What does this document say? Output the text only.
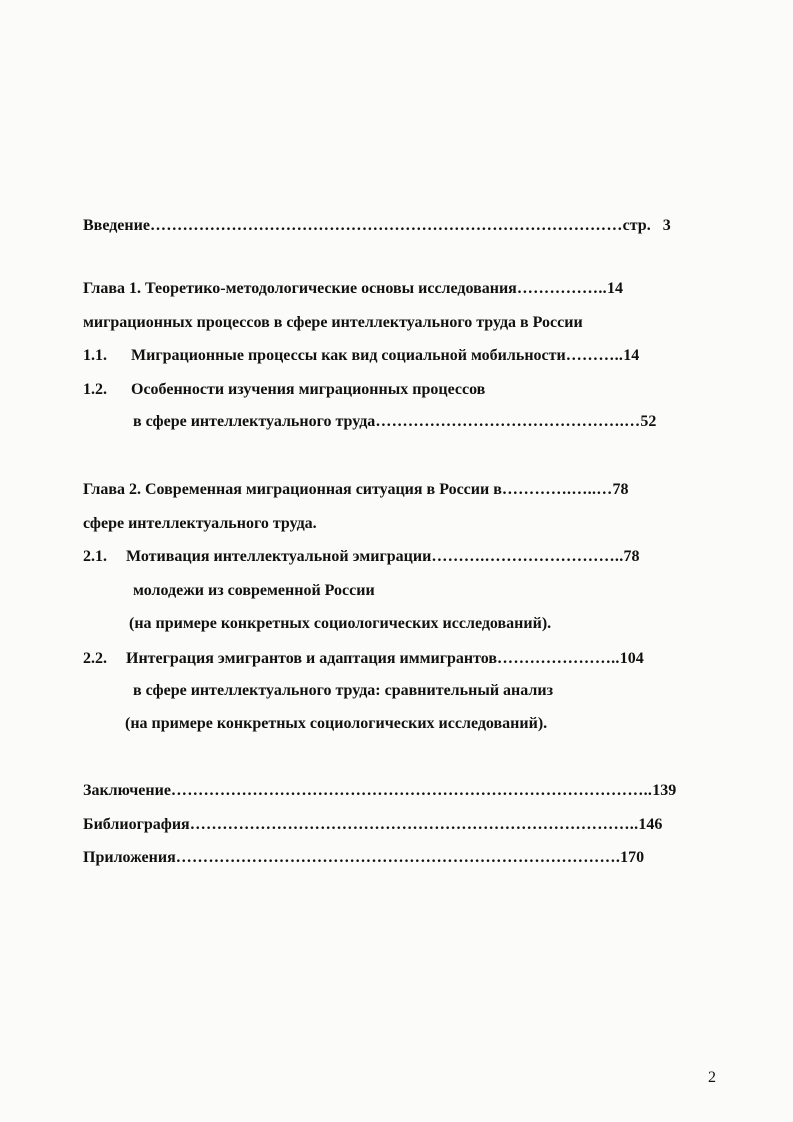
Введение……………………………………………………………………………стр. 3
Глава 1. Теоретико-методологические основы исследования……………..14
миграционных процессов в сфере интеллектуального труда в России
1.1. Миграционные процессы как вид социальной мобильности………..14
1.2. Особенности изучения миграционных процессов
в сфере интеллектуального труда……………………………………….…52
Глава 2. Современная миграционная ситуация в России в………….…..…78
сфере интеллектуального труда.
2.1. Мотивация интеллектуальной эмиграции……….……………………..78
молодежи из современной России
(на примере конкретных социологических исследований).
2.2. Интеграция эмигрантов и адаптация иммигрантов…………………..104
в сфере интеллектуального труда: сравнительный анализ
(на примере конкретных социологических исследований).
Заключение……………………………………………………………………………..139
Библиография………………………………………………………………………..146
Приложения……………………………………………………………………….170
2
